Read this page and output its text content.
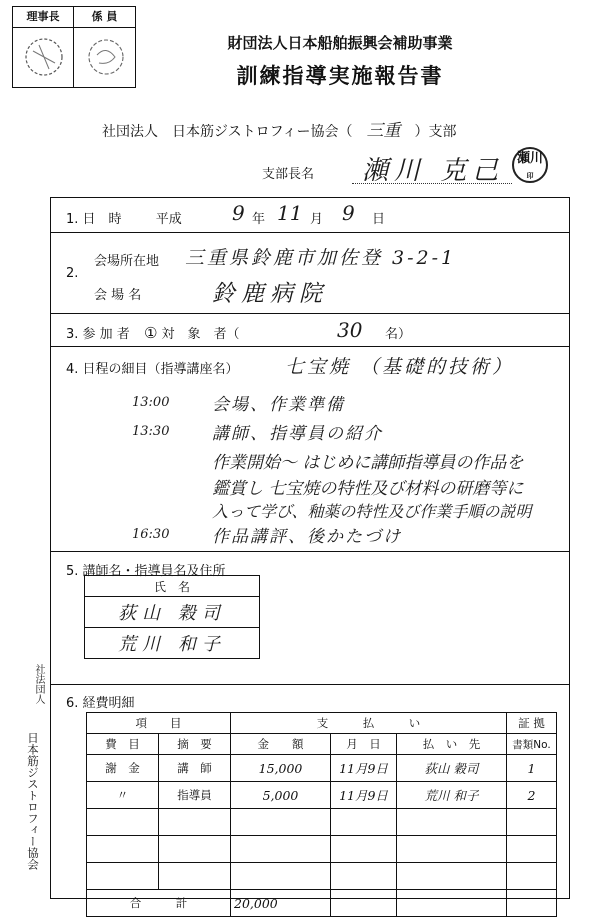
理事長	係 員
財団法人日本船舶振興会補助事業
訓練指導実施報告書
社団法人　日本筋ジストロフィー協会（ 三重 ）支部
支部長名 瀬川 克己 瀬川印
1. 日　時	平成	9 年 11 月 9 日
2.
会場所在地 三重県鈴鹿市加佐登 3-2-1
会 場 名	鈴鹿病院
3. 参 加 者 ① 対　象　者（	30 名）
4. 日程の細目（指導講座名） 七宝焼 （基礎的技術）
13:00	会場、作業準備
13:30	講師、指導員の紹介
作業開始～ はじめに講師指導員の作品を
鑑賞し 七宝焼の特性及び材料の研磨等に
入って学び、釉薬の特性及び作業手順の説明
16:30	作品講評、後かたづけ
5. 講師名・指導員名及住所
氏　名
荻山 穀司
荒川 和子
6. 経費明細
項　　目		支　　　払　　　い			証 拠
費　目	摘　要	金　　額	月　日	払　い　先	書類No.
謝　金	講　師	15,000	11月9日	荻山 穀司	1
〃	指導員	5,000	11月9日	荒川 和子	2

合　　　計		20,000			
社法団人
日本筋ジストロフィー協会
